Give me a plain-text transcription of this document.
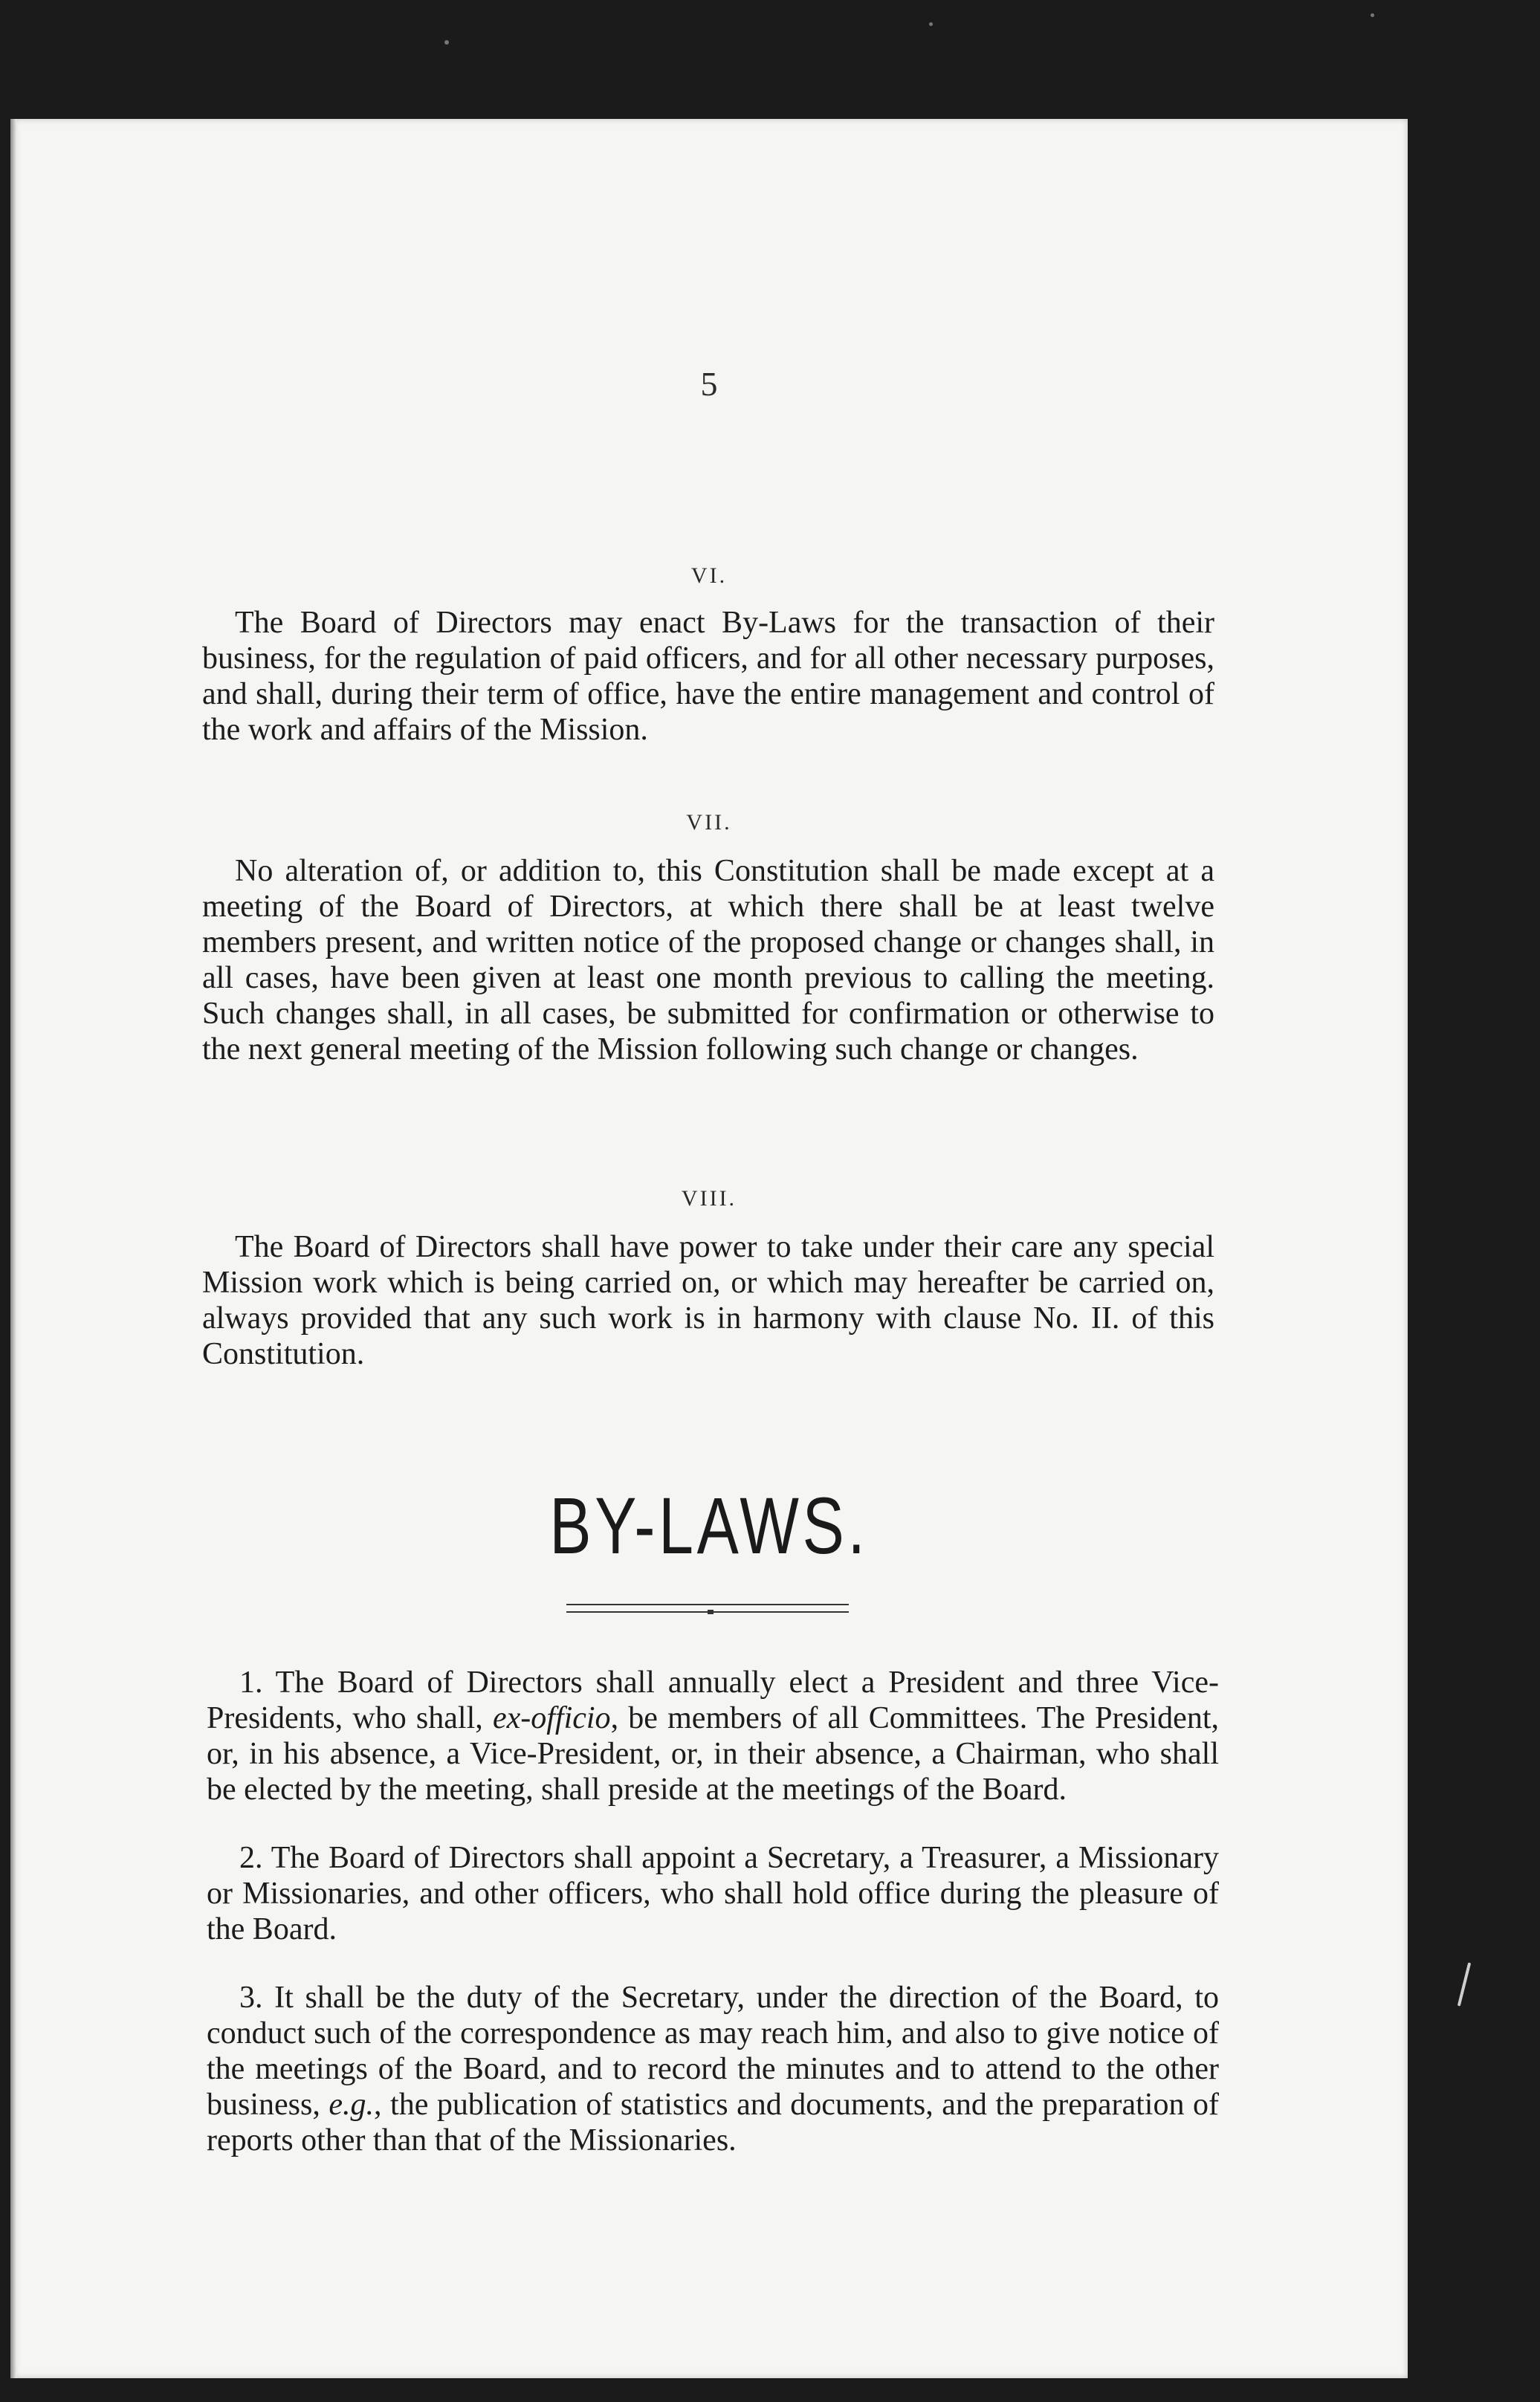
5
VI.

The Board of Directors may enact By-Laws for the transaction of their business, for the regulation of paid officers, and for all other necessary purposes, and shall, during their term of office, have the entire management and control of the work and affairs of the Mission.

VII.

No alteration of, or addition to, this Constitution shall be made except at a meeting of the Board of Directors, at which there shall be at least twelve members present, and written notice of the proposed change or changes shall, in all cases, have been given at least one month previous to calling the meeting. Such changes shall, in all cases, be submitted for confirmation or otherwise to the next general meeting of the Mission following such change or changes.

VIII.

The Board of Directors shall have power to take under their care any special Mission work which is being carried on, or which may hereafter be carried on, always provided that any such work is in harmony with clause No. II. of this Constitution.

BY-LAWS.

1. The Board of Directors shall annually elect a President and three Vice-Presidents, who shall, ex-officio, be members of all Committees. The President, or, in his absence, a Vice-President, or, in their absence, a Chairman, who shall be elected by the meeting, shall preside at the meetings of the Board.

2. The Board of Directors shall appoint a Secretary, a Treasurer, a Missionary or Missionaries, and other officers, who shall hold office during the pleasure of the Board.

3. It shall be the duty of the Secretary, under the direction of the Board, to conduct such of the correspondence as may reach him, and also to give notice of the meetings of the Board, and to record the minutes and to attend to the other business, e.g., the publication of statistics and documents, and the preparation of reports other than that of the Missionaries.
